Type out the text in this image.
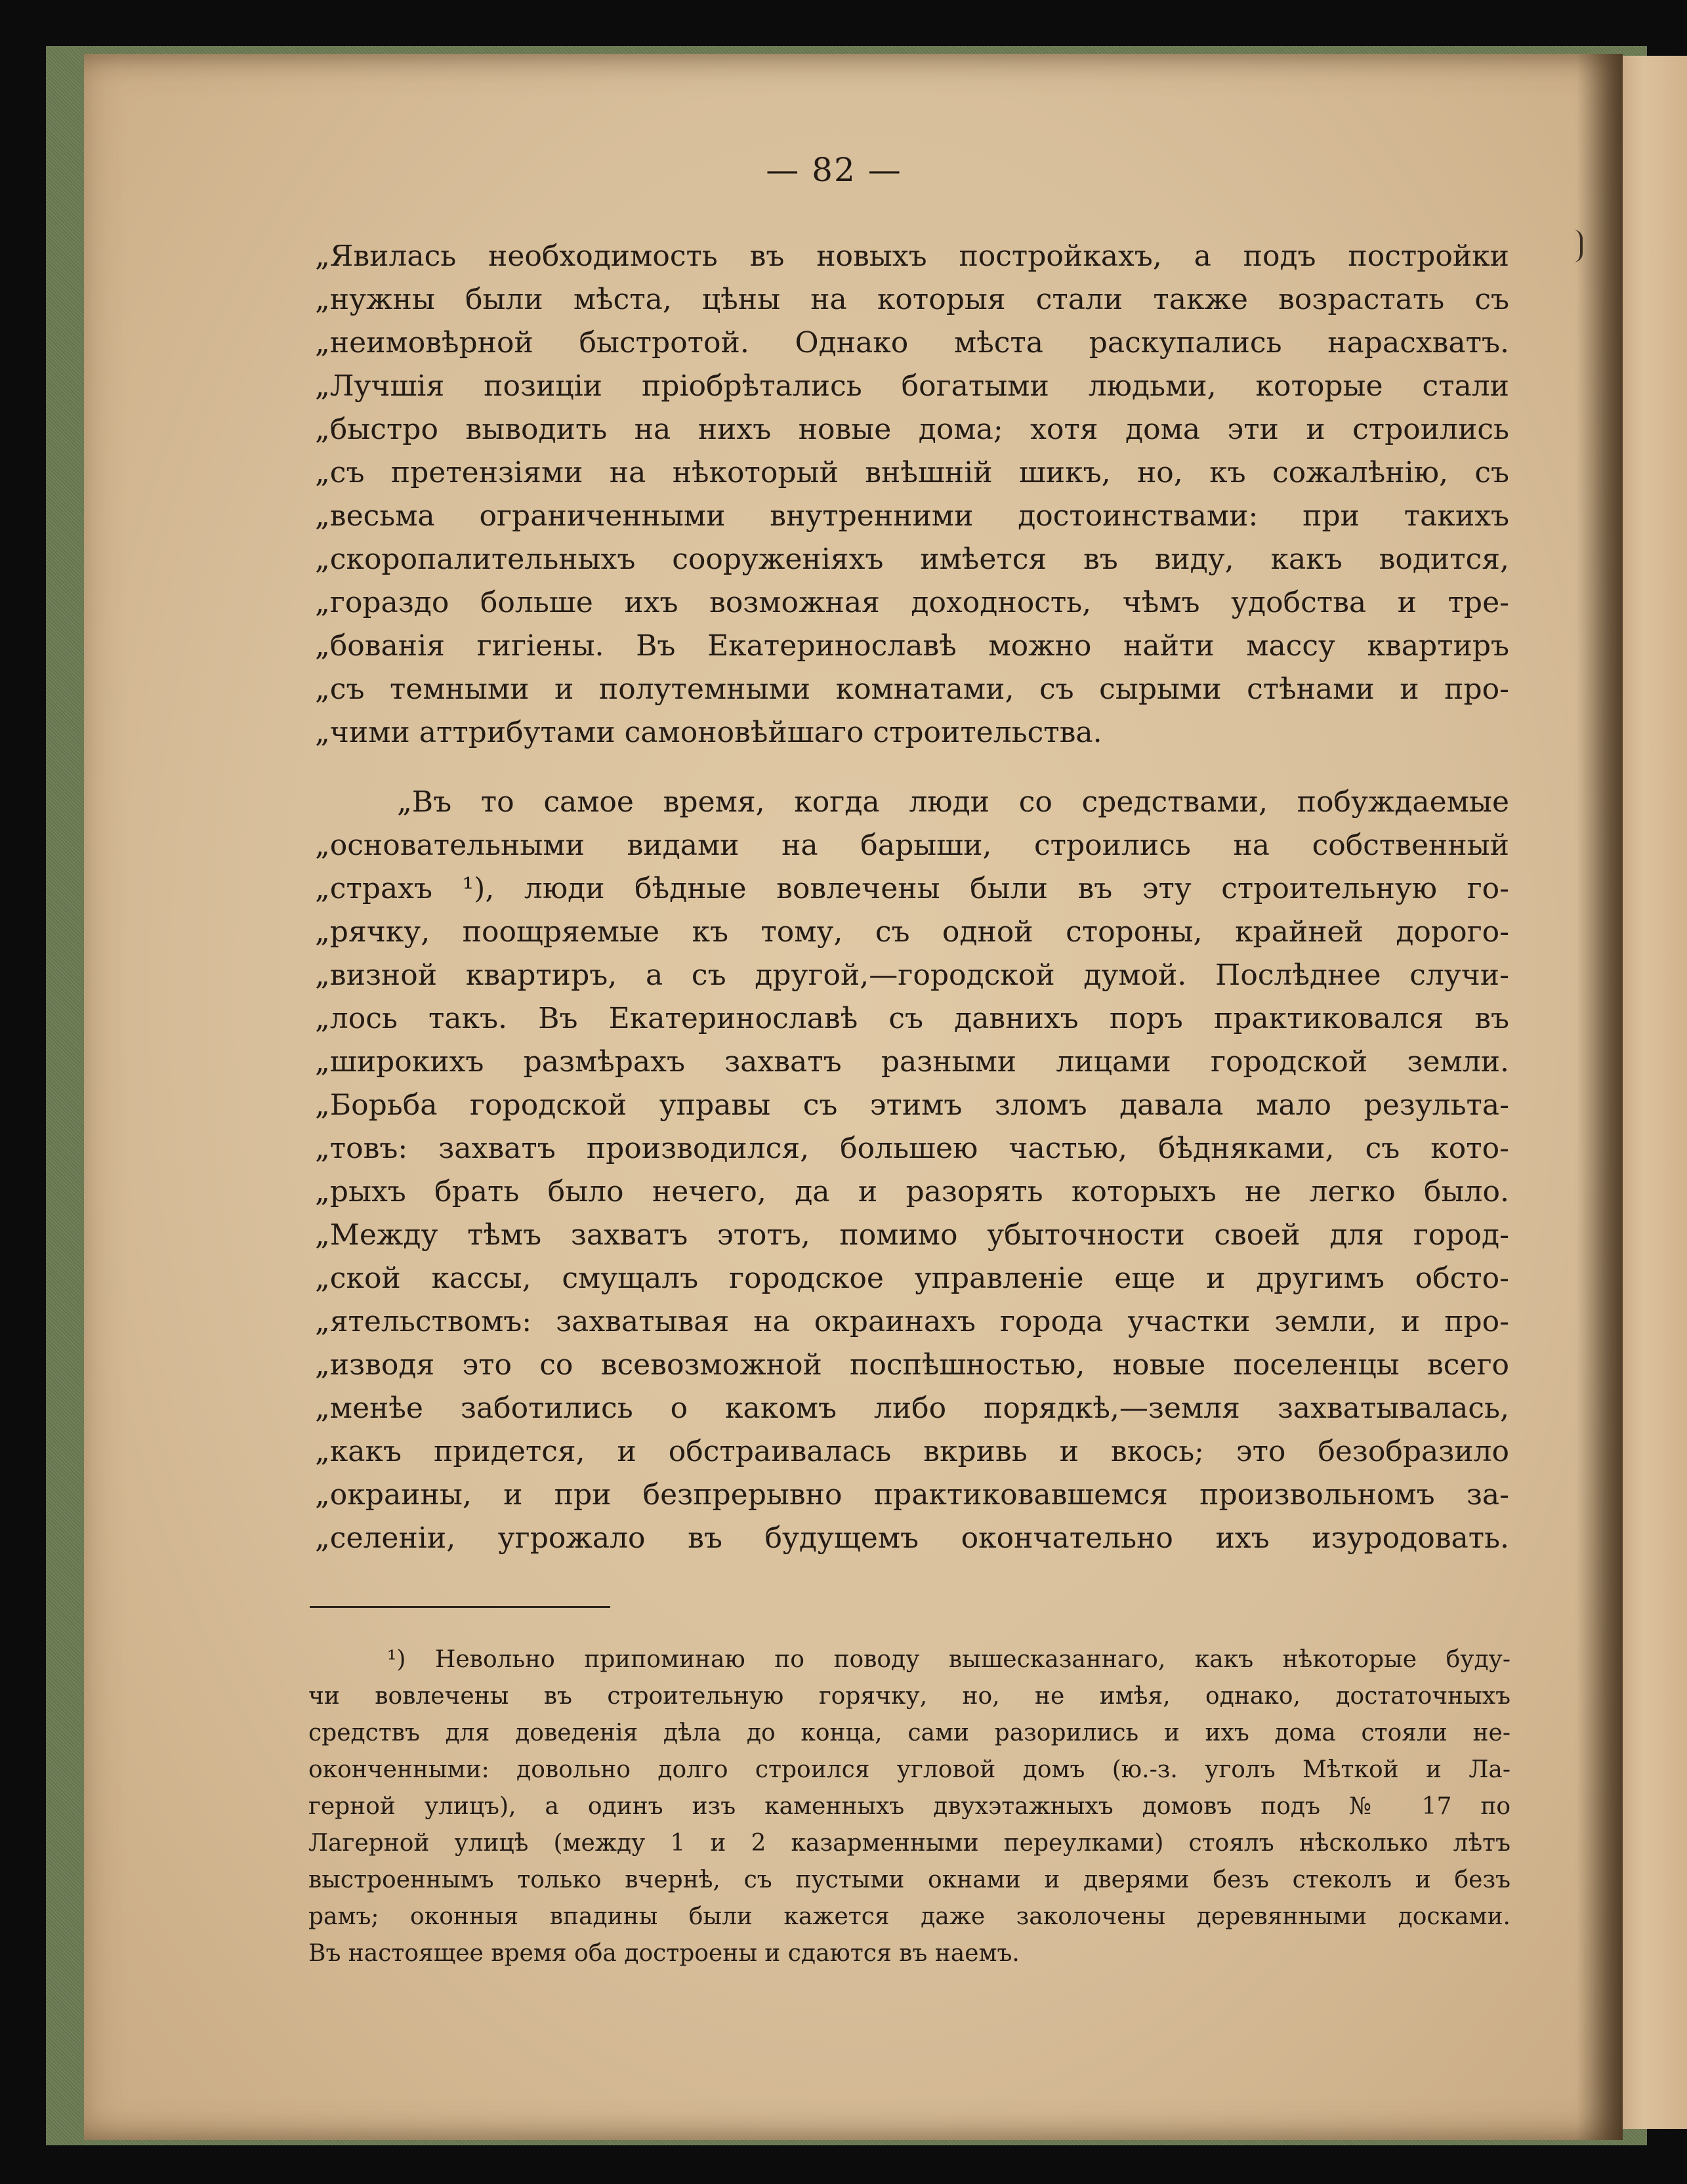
— 82 —
„Явилась необходимость въ новыхъ постройкахъ, а подъ постройки
„нужны были мѣста, цѣны на которыя стали также возрастать съ
„неимовѣрной быстротой. Однако мѣста раскупались нарасхватъ.
„Лучшія позиціи пріобрѣтались богатыми людьми, которые стали
„быстро выводить на нихъ новые дома; хотя дома эти и строились
„съ претензіями на нѣкоторый внѣшній шикъ, но, къ сожалѣнію, съ
„весьма ограниченными внутренними достоинствами: при такихъ
„скоропалительныхъ сооруженіяхъ имѣется въ виду, какъ водится,
„гораздо больше ихъ возможная доходность, чѣмъ удобства и тре-
„бованія гигіены. Въ Екатеринославѣ можно найти массу квартиръ
„съ темными и полутемными комнатами, съ сырыми стѣнами и про-
„чими аттрибутами самоновѣйшаго строительства.
„Въ то самое время, когда люди со средствами, побуждаемые
„основательными видами на барыши, строились на собственный
„страхъ ¹), люди бѣдные вовлечены были въ эту строительную го-
„рячку, поощряемые къ тому, съ одной стороны, крайней дорого-
„визной квартиръ, а съ другой,—городской думой. Послѣднее случи-
„лось такъ. Въ Екатеринославѣ съ давнихъ поръ практиковался въ
„широкихъ размѣрахъ захватъ разными лицами городской земли.
„Борьба городской управы съ этимъ зломъ давала мало результа-
„товъ: захватъ производился, большею частью, бѣдняками, съ кото-
„рыхъ брать было нечего, да и разорять которыхъ не легко было.
„Между тѣмъ захватъ этотъ, помимо убыточности своей для город-
„ской кассы, смущалъ городское управленіе еще и другимъ обсто-
„ятельствомъ: захватывая на окраинахъ города участки земли, и про-
„изводя это со всевозможной поспѣшностью, новые поселенцы всего
„менѣе заботились о какомъ либо порядкѣ,—земля захватывалась,
„какъ придется, и обстраивалась вкривь и вкось; это безобразило
„окраины, и при безпрерывно практиковавшемся произвольномъ за-
„селеніи, угрожало въ будущемъ окончательно ихъ изуродовать.
¹) Невольно припоминаю по поводу вышесказаннаго, какъ нѣкоторые буду-
чи вовлечены въ строительную горячку, но, не имѣя, однако, достаточныхъ
средствъ для доведенія дѣла до конца, сами разорились и ихъ дома стояли не-
оконченными: довольно долго строился угловой домъ (ю.-з. уголъ Мѣткой и Ла-
герной улицъ), а одинъ изъ каменныхъ двухэтажныхъ домовъ подъ № 17 по
Лагерной улицѣ (между 1 и 2 казарменными переулками) стоялъ нѣсколько лѣтъ
выстроеннымъ только вчернѣ, съ пустыми окнами и дверями безъ стеколъ и безъ
рамъ; оконныя впадины были кажется даже заколочены деревянными досками.
Въ настоящее время оба достроены и сдаются въ наемъ.
